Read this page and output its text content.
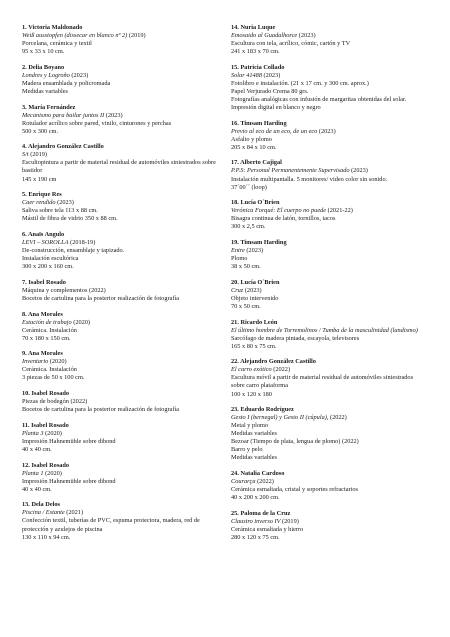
1. Victoria Maldonado

Weiß ausstopfen (dissecar en blanco nº 2) (2019)

Porcelana, cerámica y textil

95 x 33 x 10 cm.

2. Delia Boyano

Londres y Logroño (2023)

Madera ensamblada y policromada

Medidas variables

3. María Fernández

Mecanismo para bailar juntos II (2023)

Rotulador acrílico sobre pared, vinilo, cinturones y perchas

500 x 300 cm.

4. Alejandro González Castillo

S/t (2019)

Escultopintura a partir de material residual de automóviles siniestrados sobre bastidor

145 x 190 cm

5. Enrique Res

Caer rendido (2023)

Saliva sobre tela 113 x 88 cm.

Mástil de fibra de vidrio 350 x 88 cm.

6. Anaïs Angulo

LEVI – SOROLLA (2018-19)

De-construcción, ensamblaje y tapizado.

Instalación escultórica

300 x 200 x 160 cm.

7. Isabel Rosado

Máquina y complementos (2022)

Bocetos de cartulina para la posterior realización de fotografía

8. Ana Morales

Estación de trabajo (2020)

Cerámica. Instalación

70 x 180 x 150 cm.

9. Ana Morales

Inventario (2020)

Cerámica. Instalación

3 piezas de 50 x 100 cm.

10. Isabel Rosado

Piezas de bodegón (2022)

Bocetos de cartulina para la posterior realización de fotografía

11. Isabel Rosado

Planta 3 (2020)

Impresión Hahnemühle sobre dibond

40 x 40 cm.

12. Isabel Rosado

Planta 1 (2020)

Impresión Hahnemühle sobre dibond

40 x 40 cm.

13. Dela Delos

Piscina / Estante (2021)

Confección textil, tuberías de PVC, espuma protectora, madera, red de protección y azulejos de piscina

130 x 110 x 94 cm.

14. Nuria Luque

Emosaido al Guadalhorce (2023)

Escultura con tela, acrílico, cómic, cartón y TV

241 x 183 x 70 cm.

15. Patricia Collado

Solar 41488 (2023)

Fotolibro e instalación. (21 x 17 cm. y 300 cm. aprox.)

Papel Verjurado Crema 80 grs.

Fotografías analógicas con infusión de margaritas obtenidas del solar.

Impresión digital en blanco y negro

16. Timsam Harding

Previo al eco de un eco, de un eco (2023)

Asfalto y plomo

205 x 84 x 10 cm.

17. Alberto Cajigal

P.P.S: Personal Permanentemente Supervisado (2023)

Instalación multipantalla. 5 monitores/ video color sin sonido.

37´00´´ (loop)

18. Lucía O´Brien

Verónica Forqué: El cuerpo no puede (2021-22)

Bisagra continua de latón, tornillos, tacos

300 x 2,5 cm.

19. Timsam Harding

Entre (2023)

Plomo

38 x 50 cm.

20. Lucía O´Brien

Cruz (2023)

Objeto intervenido

70 x 50 cm.

21. Ricardo León

El último hombre de Torremolinos / Tumba de la masculinidad (landismo)

Sarcófago de madera pintada, escayola, televisores

165 x 80 x 75 cm.

22. Alejandro González Castillo

El carro exótico (2022)

Escultura móvil a partir de material residual de automóviles siniestrados sobre carro plataforma

100 x 120 x 180

23. Eduardo Rodríguez

Gesto I (bernegal) y Gesto II (cúpula), (2022)

Metal y plomo

Medidas variables

Bezoar (Tiempo de plata, lengua de plomo) (2022)

Barro y pelo

Medidas variables

24. Natalia Cardoso

Courarça (2022)

Cerámica esmaltada, cristal y soportes refractarios

40 x 200 x 200 cm.

25. Paloma de la Cruz

Claustro inverso IV (2019)

Cerámica esmaltada y hierro

280 x 120 x 75 cm.
